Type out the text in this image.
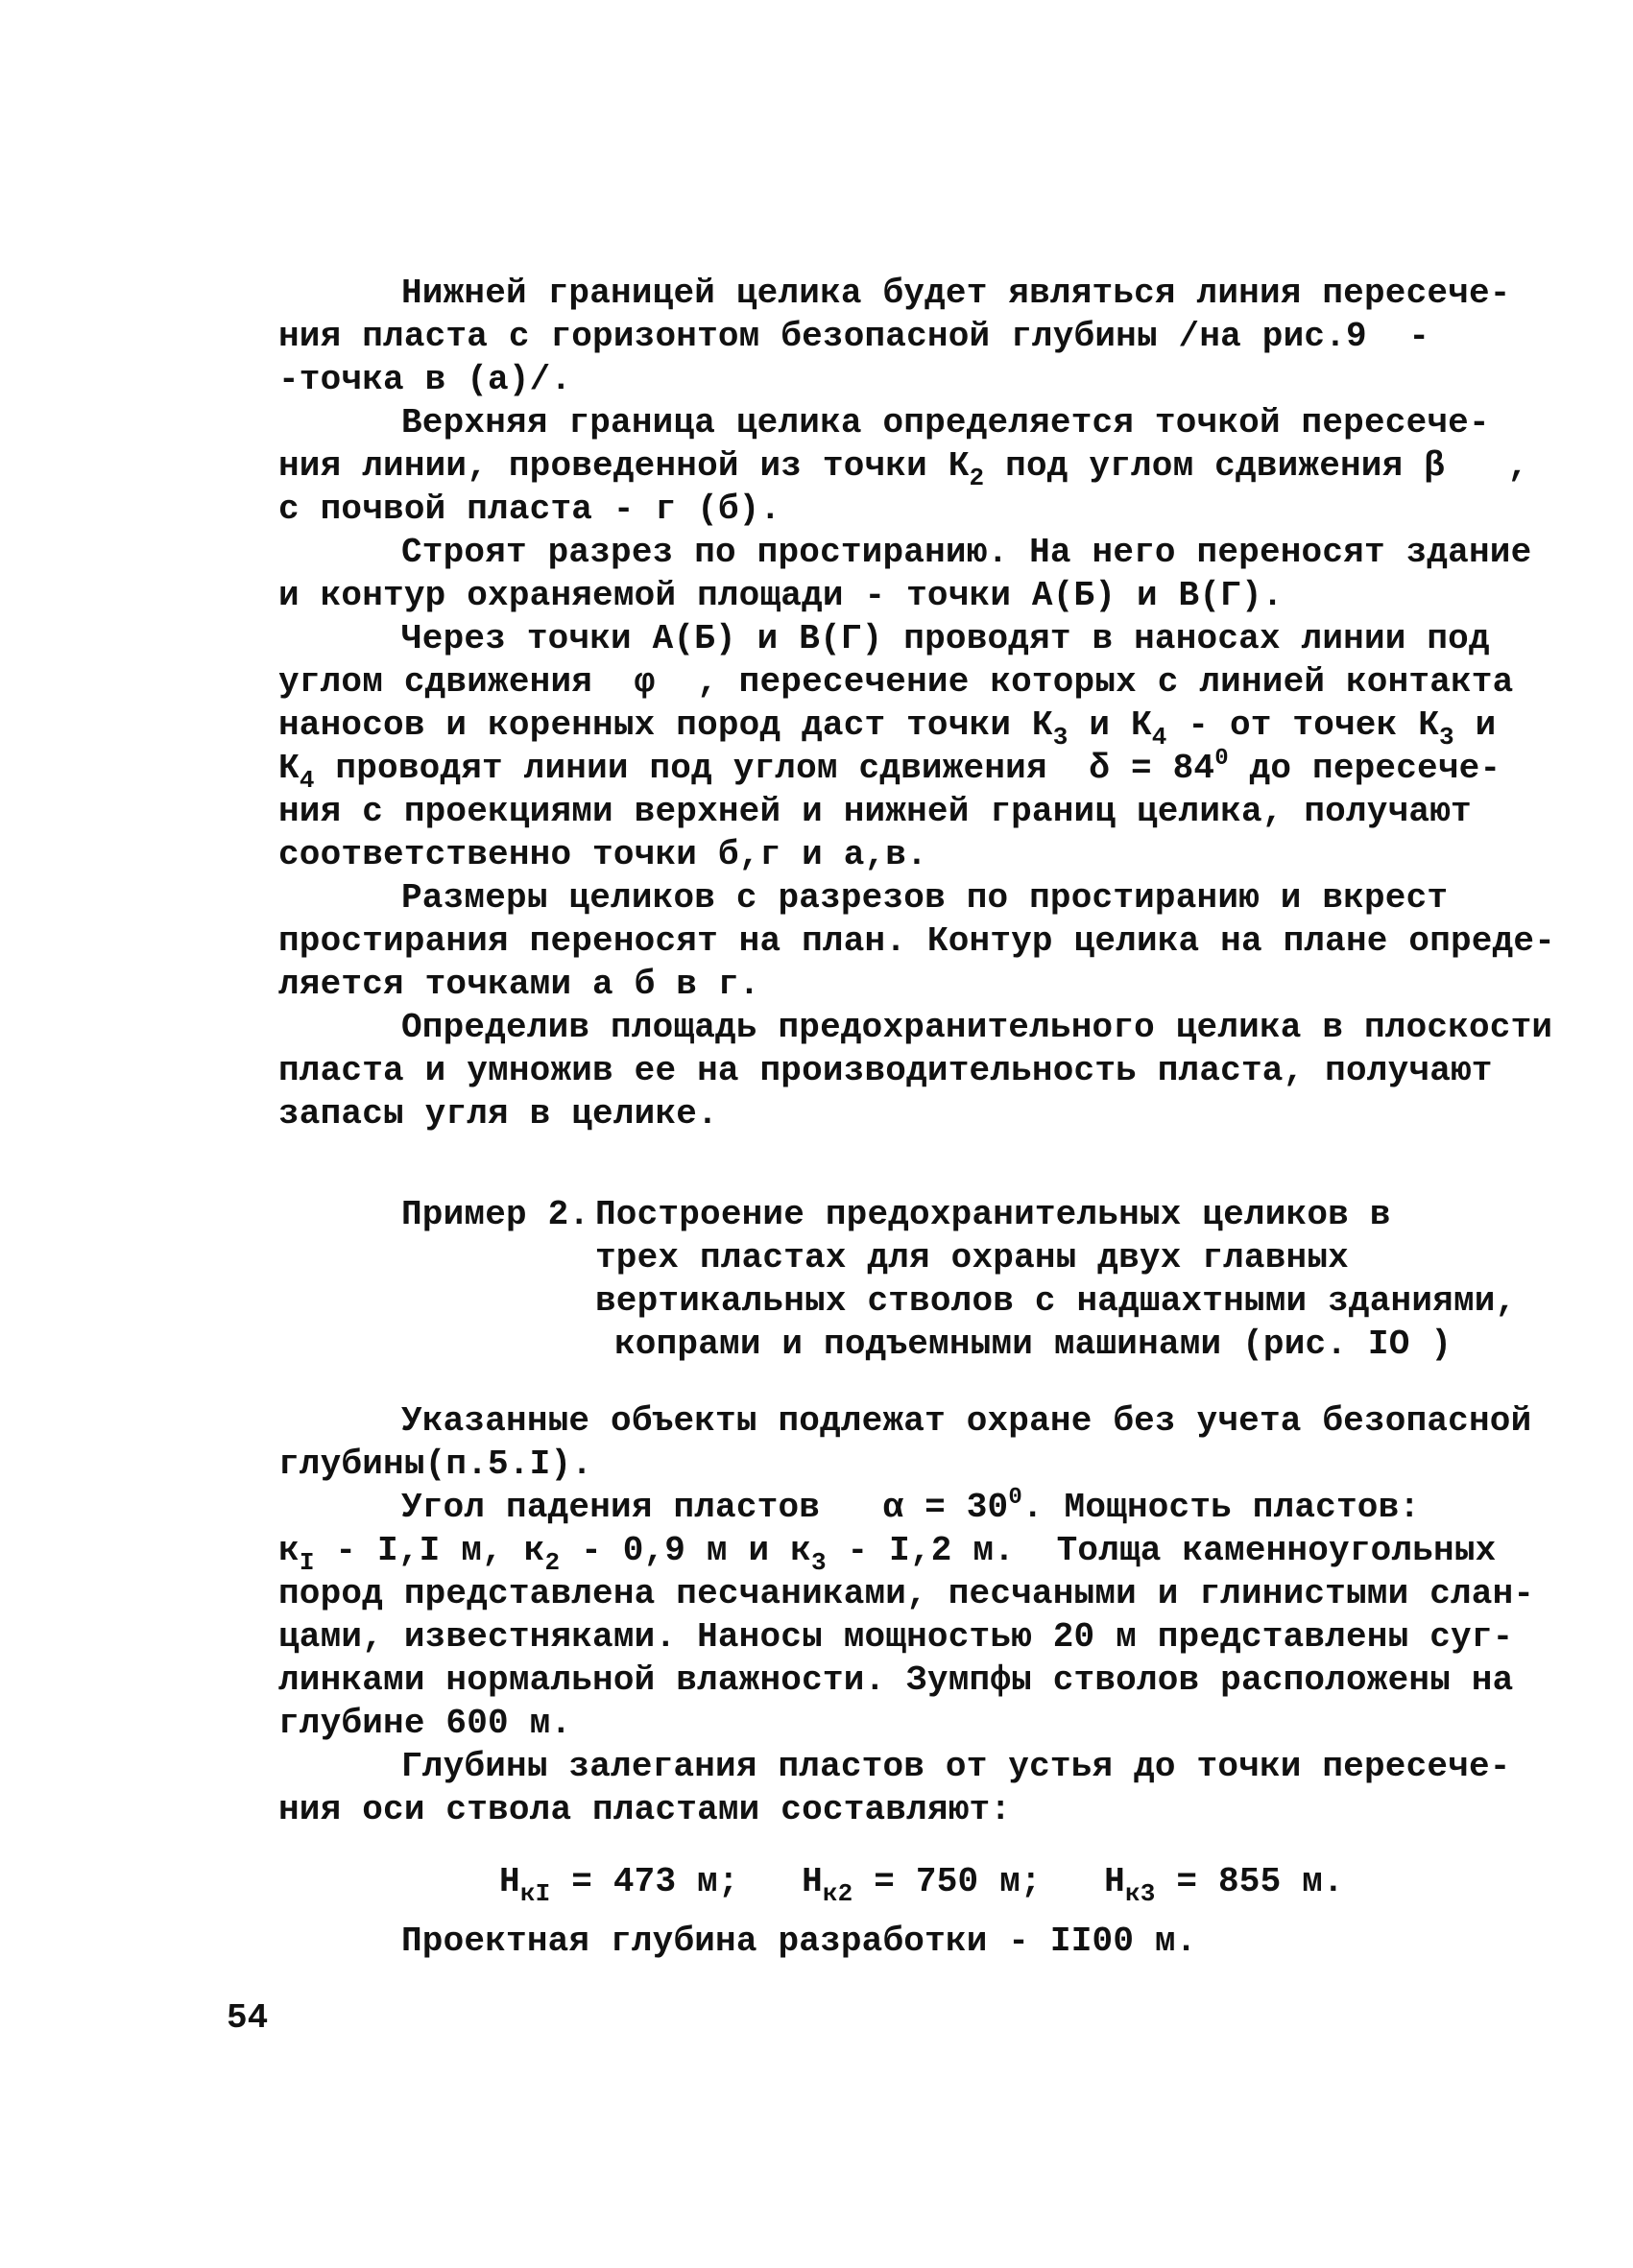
Нижней границей целика будет являться линия пересече-
ния пласта с горизонтом безопасной глубины /на рис.9  -
-точка в (а)/.
Верхняя граница целика определяется точкой пересече-
ния линии, проведенной из точки $К_2$ под углом сдвижения β   ,
с почвой пласта - г (б).
Строят разрез по простиранию. На него переносят здание
и контур охраняемой площади - точки А(Б) и В(Г).
Через точки А(Б) и В(Г) проводят в наносах линии под
углом сдвижения  φ  , пересечение которых с линией контакта
наносов и коренных пород даст точки $К_3$ и $К_4$ - от точек $К_3$ и
$К_4$ проводят линии под углом сдвижения  $\delta = 84^0$ до пересече-
ния с проекциями верхней и нижней границ целика, получают
соответственно точки б,г и а,в.
Размеры целиков с разрезов по простиранию и вкрест
простирания переносят на план. Контур целика на плане опреде-
ляется точками а б в г.
Определив площадь предохранительного целика в плоскости
пласта и умножив ее на производительность пласта, получают
запасы угля в целике.
Пример 2. Построение предохранительных целиков в
трех пластах для охраны двух главных
вертикальных стволов с надшахтными зданиями,
копрами и подъемными машинами (рис. IO )
Указанные объекты подлежат охране без учета безопасной
глубины(п.5.I).
Угол падения пластов   $\alpha = 30^0$. Мощность пластов:
$к_I - I,I$ м, $к_2 - 0,9$ м и $к_3 - I,2$ м.  Толща каменноугольных
пород представлена песчаниками, песчаными и глинистыми слан-
цами, известняками. Наносы мощностью 20 м представлены суг-
линками нормальной влажности. Зумпфы стволов расположены на
глубине 600 м.
Глубины залегания пластов от устья до точки пересече-
ния оси ствола пластами составляют:
$Н_{кI} = 473$ м;   $Н_{к2} = 750$ м;   $Н_{к3} = 855$ м.
Проектная глубина разработки - II00 м.
54
